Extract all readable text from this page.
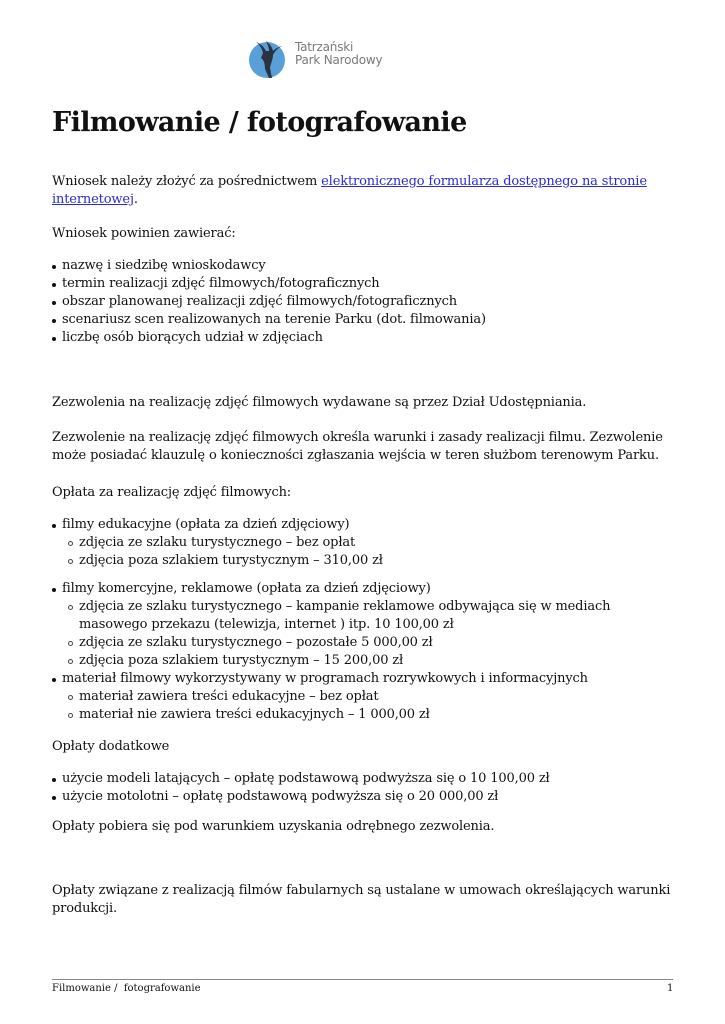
Tatrzański
Park Narodowy
Filmowanie / fotografowanie

Wniosek należy złożyć za pośrednictwem elektronicznego formularza dostępnego na stronie internetowej.

Wniosek powinien zawierać:

nazwę i siedzibę wnioskodawcy
termin realizacji zdjęć filmowych/fotograficznych
obszar planowanej realizacji zdjęć filmowych/fotograficznych
scenariusz scen realizowanych na terenie Parku (dot. filmowania)
liczbę osób biorących udział w zdjęciach

Zezwolenia na realizację zdjęć filmowych wydawane są przez Dział Udostępniania.

Zezwolenie na realizację zdjęć filmowych określa warunki i zasady realizacji filmu. Zezwolenie może posiadać klauzulę o konieczności zgłaszania wejścia w teren służbom terenowym Parku.

Opłata za realizację zdjęć filmowych:

filmy edukacyjne (opłata za dzień zdjęciowy)
zdjęcia ze szlaku turystycznego – bez opłat
zdjęcia poza szlakiem turystycznym – 310,00 zł
filmy komercyjne, reklamowe (opłata za dzień zdjęciowy)
zdjęcia ze szlaku turystycznego – kampanie reklamowe odbywająca się w mediach masowego przekazu (telewizja, internet ) itp. 10 100,00 zł
zdjęcia ze szlaku turystycznego – pozostałe 5 000,00 zł
zdjęcia poza szlakiem turystycznym – 15 200,00 zł
materiał filmowy wykorzystywany w programach rozrywkowych i informacyjnych
materiał zawiera treści edukacyjne – bez opłat
materiał nie zawiera treści edukacyjnych – 1 000,00 zł

Opłaty dodatkowe

użycie modeli latających – opłatę podstawową podwyższa się o 10 100,00 zł
użycie motolotni – opłatę podstawową podwyższa się o 20 000,00 zł

Opłaty pobiera się pod warunkiem uzyskania odrębnego zezwolenia.

Opłaty związane z realizacją filmów fabularnych są ustalane w umowach określających warunki produkcji.

Filmowanie /  fotografowanie	1
